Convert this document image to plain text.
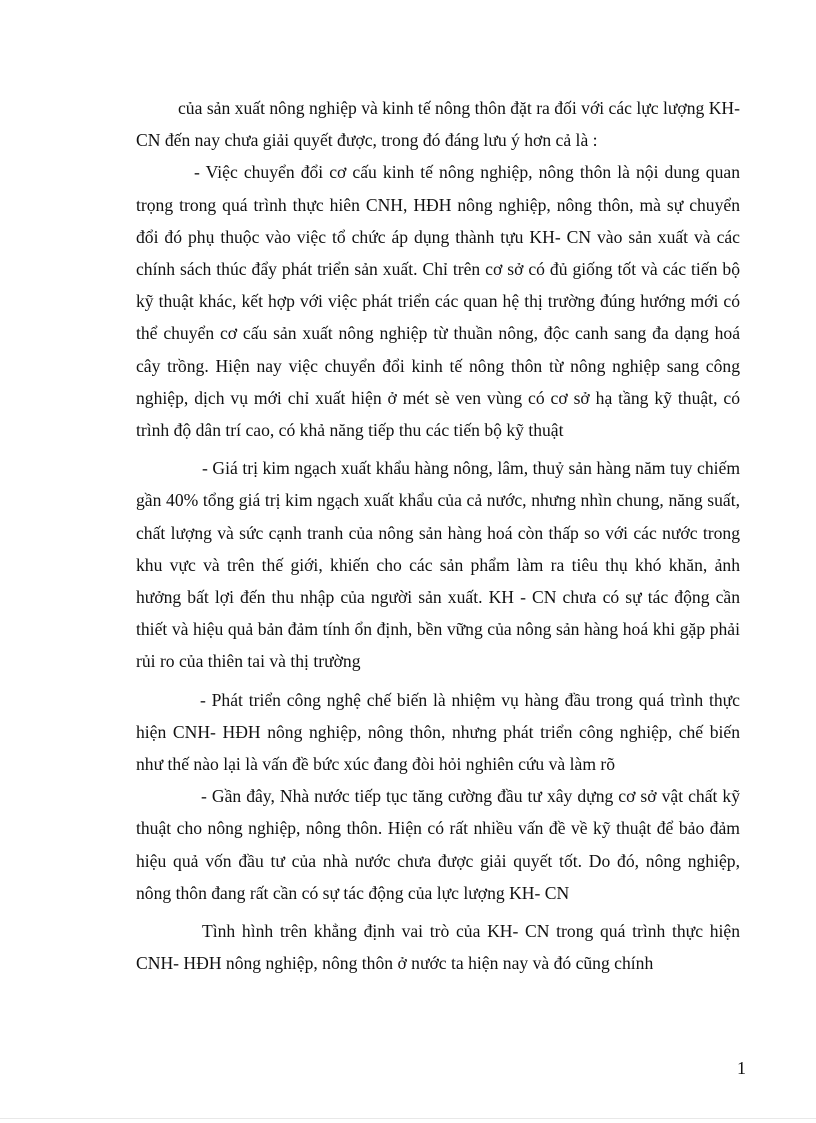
của sản xuất nông nghiệp và kinh tế nông thôn đặt ra đối với các lực lượng KH- CN đến nay chưa giải quyết được, trong đó đáng lưu ý hơn cả là :

- Việc chuyển đổi cơ cấu kinh tế nông nghiệp, nông thôn là nội dung quan trọng trong quá trình thực hiên CNH, HĐH nông nghiệp, nông thôn, mà sự chuyển đổi đó phụ thuộc vào việc tổ chức áp dụng thành tựu KH- CN vào sản xuất và các chính sách thúc đẩy phát triển sản xuất. Chỉ trên cơ sở có đủ giống tốt và các tiến bộ kỹ thuật khác, kết hợp với việc phát triển các quan hệ thị trường đúng hướng mới có thể chuyển cơ cấu sản xuất nông nghiệp từ thuần nông, độc canh sang đa dạng hoá cây trồng. Hiện nay việc chuyển đổi kinh tế nông thôn từ nông nghiệp sang công nghiệp, dịch vụ mới chỉ xuất hiện ở mét sè ven vùng có cơ sở hạ tầng kỹ thuật, có trình độ dân trí cao, có khả năng tiếp thu các tiến bộ kỹ thuật

- Giá trị kim ngạch xuất khẩu hàng nông, lâm, thuỷ sản hàng năm tuy chiếm gần 40% tổng giá trị kim ngạch xuất khẩu của cả nước, nhưng nhìn chung, năng suất, chất lượng và sức cạnh tranh của nông sản hàng hoá còn thấp so với các nước trong khu vực và trên thế giới, khiến cho các sản phẩm làm ra tiêu thụ khó khăn, ảnh hưởng bất lợi đến thu nhập của người sản xuất. KH - CN chưa có sự tác động cần thiết và hiệu quả bản đảm tính ổn định, bền vững của nông sản hàng hoá khi gặp phải rủi ro của thiên tai và thị trường

- Phát triển công nghệ chế biến là nhiệm vụ hàng đầu trong quá trình thực hiện CNH- HĐH nông nghiệp, nông thôn, nhưng phát triển công nghiệp, chế biến như thế nào lại là vấn đề bức xúc đang đòi hỏi nghiên cứu và làm rõ

- Gần đây, Nhà nước tiếp tục tăng cường đầu tư xây dựng cơ sở vật chất kỹ thuật cho nông nghiệp, nông thôn. Hiện có rất nhiều vấn đề về kỹ thuật để bảo đảm hiệu quả vốn đầu tư của nhà nước chưa được giải quyết tốt. Do đó, nông nghiệp, nông thôn đang rất cần có sự tác động của lực lượng KH- CN

Tình hình trên khẳng định vai trò của KH- CN trong quá trình thực hiện CNH- HĐH nông nghiệp, nông thôn ở nước ta hiện nay và đó cũng chính

1
